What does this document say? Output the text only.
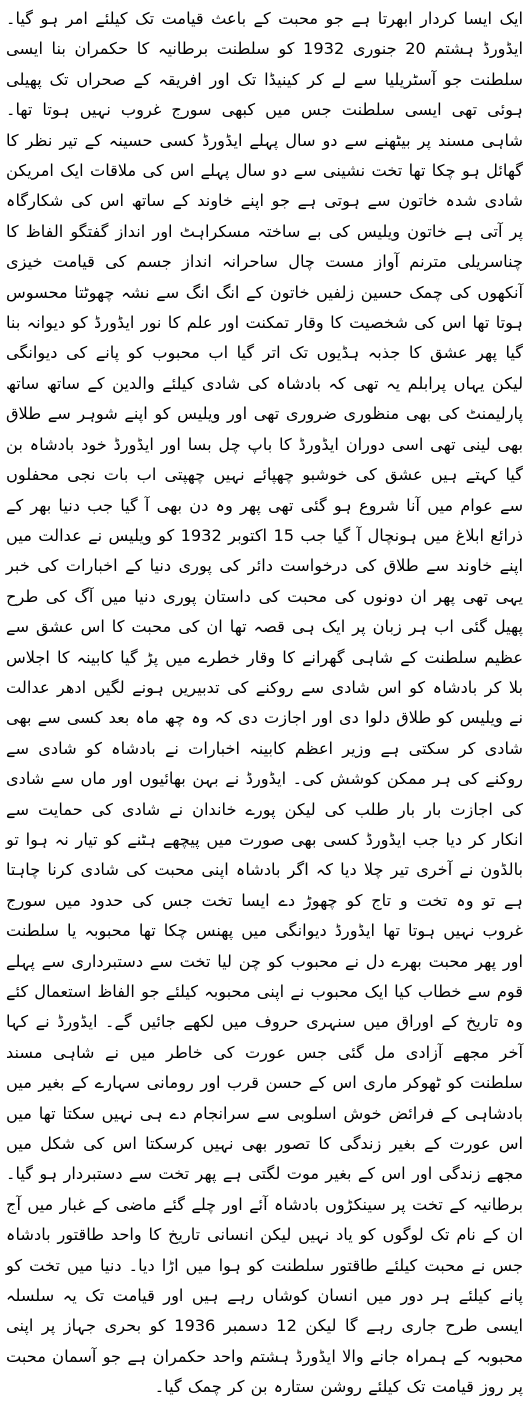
ایک ایسا کردار ابھرتا ہے جو محبت کے باعث قیامت تک کیلئے امر ہو گیا۔ ایڈورڈ ہشتم 20 جنوری 1932 کو سلطنت برطانیہ کا حکمران بنا ایسی سلطنت جو آسٹریلیا سے لے کر کینیڈا تک اور افریقہ کے صحراں تک پھیلی ہوئی تھی ایسی سلطنت جس میں کبھی سورج غروب نہیں ہوتا تھا۔ شاہی مسند پر بیٹھنے سے دو سال پہلے ایڈورڈ کسی حسینہ کے تیر نظر کا گھائل ہو چکا تھا تخت نشینی سے دو سال پہلے اس کی ملاقات ایک امریکن شادی شدہ خاتون سے ہوتی ہے جو اپنے خاوند کے ساتھ اس کی شکارگاہ پر آتی ہے خاتون ویلیس کی بے ساختہ مسکراہٹ اور انداز گفتگو الفاظ کا چناسریلی مترنم آواز مست چال ساحرانہ انداز جسم کی قیامت خیزی آنکھوں کی چمک حسین زلفیں خاتون کے انگ انگ سے نشہ چھوٹتا محسوس ہوتا تھا اس کی شخصیت کا وقار تمکنت اور علم کا نور ایڈورڈ کو دیوانہ بنا گیا پھر عشق کا جذبہ ہڈیوں تک اتر گیا اب محبوب کو پانے کی دیوانگی لیکن یہاں پرابلم یہ تھی کہ بادشاہ کی شادی کیلئے والدین کے ساتھ ساتھ پارلیمنٹ کی بھی منظوری ضروری تھی اور ویلیس کو اپنے شوہر سے طلاق بھی لینی تھی اسی دوران ایڈورڈ کا باپ چل بسا اور ایڈورڈ خود بادشاہ بن گیا کہتے ہیں عشق کی خوشبو چھپائے نہیں چھپتی اب بات نجی محفلوں سے عوام میں آنا شروع ہو گئی تھی پھر وہ دن بھی آ گیا جب دنیا بھر کے ذرائع ابلاغ میں ہونچال آ گیا جب 15 اکتوبر 1932 کو ویلیس نے عدالت میں اپنے خاوند سے طلاق کی درخواست دائر کی پوری دنیا کے اخبارات کی خبر یہی تھی پھر ان دونوں کی محبت کی داستان پوری دنیا میں آگ کی طرح پھیل گئی اب ہر زبان پر ایک ہی قصہ تھا ان کی محبت کا اس عشق سے عظیم سلطنت کے شاہی گھرانے کا وقار خطرے میں پڑ گیا کابینہ کا اجلاس بلا کر بادشاہ کو اس شادی سے روکنے کی تدبیریں ہونے لگیں ادھر عدالت نے ویلیس کو طلاق دلوا دی اور اجازت دی کہ وہ چھ ماہ بعد کسی سے بھی شادی کر سکتی ہے وزیر اعظم کابینہ اخبارات نے بادشاہ کو شادی سے روکنے کی ہر ممکن کوشش کی۔ ایڈورڈ نے بہن بھائیوں اور ماں سے شادی کی اجازت بار بار طلب کی لیکن پورے خاندان نے شادی کی حمایت سے انکار کر دیا جب ایڈورڈ کسی بھی صورت میں پیچھے ہٹنے کو تیار نہ ہوا تو بالڈون نے آخری تیر چلا دیا کہ اگر بادشاہ اپنی محبت کی شادی کرنا چاہتا ہے تو وہ تخت و تاج کو چھوڑ دے ایسا تخت جس کی حدود میں سورج غروب نہیں ہوتا تھا ایڈورڈ دیوانگی میں پھنس چکا تھا محبوبہ یا سلطنت اور پھر محبت بھرے دل نے محبوب کو چن لیا تخت سے دستبرداری سے پہلے قوم سے خطاب کیا ایک محبوب نے اپنی محبوبہ کیلئے جو الفاظ استعمال کئے وہ تاریخ کے اوراق میں سنہری حروف میں لکھے جائیں گے۔ ایڈورڈ نے کہا آخر مجھے آزادی مل گئی جس عورت کی خاطر میں نے شاہی مسند سلطنت کو ٹھوکر ماری اس کے حسن قرب اور رومانی سہارے کے بغیر میں بادشاہی کے فرائض خوش اسلوبی سے سرانجام دے ہی نہیں سکتا تھا میں اس عورت کے بغیر زندگی کا تصور بھی نہیں کرسکتا اس کی شکل میں مجھے زندگی اور اس کے بغیر موت لگتی ہے پھر تخت سے دستبردار ہو گیا۔ برطانیہ کے تخت پر سینکڑوں بادشاہ آئے اور چلے گئے ماضی کے غبار میں آج ان کے نام تک لوگوں کو یاد نہیں لیکن انسانی تاریخ کا واحد طاقتور بادشاہ جس نے محبت کیلئے طاقتور سلطنت کو ہوا میں اڑا دیا۔ دنیا میں تخت کو پانے کیلئے ہر دور میں انسان کوشاں رہے ہیں اور قیامت تک یہ سلسلہ ایسی طرح جاری رہے گا لیکن 12 دسمبر 1936 کو بحری جہاز پر اپنی محبوبہ کے ہمراہ جانے والا ایڈورڈ ہشتم واحد حکمران ہے جو آسمان محبت پر روز قیامت تک کیلئے روشن ستارہ بن کر چمک گیا۔
